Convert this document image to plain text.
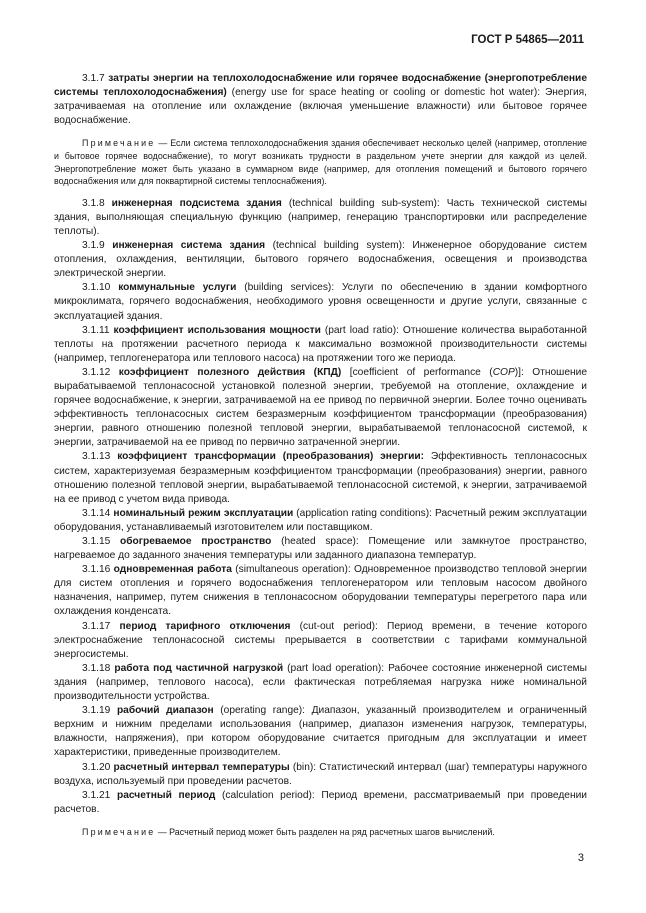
ГОСТ Р 54865—2011

3.1.7 затраты энергии на теплохолодоснабжение или горячее водоснабжение (энергопотребление системы теплохолодоснабжения) (energy use for space heating or cooling or domestic hot water): Энергия, затрачиваемая на отопление или охлаждение (включая уменьшение влажности) или бытовое горячее водоснабжение.

Примечание — Если система теплохолодоснабжения здания обеспечивает несколько целей (например, отопление и бытовое горячее водоснабжение), то могут возникать трудности в раздельном учете энергии для каждой из целей. Энергопотребление может быть указано в суммарном виде (например, для отопления помещений и бытового горячего водоснабжения или для поквартирной системы теплоснабжения).

3.1.8 инженерная подсистема здания (technical building sub-system): Часть технической системы здания, выполняющая специальную функцию (например, генерацию транспортировки или распределение теплоты).

3.1.9 инженерная система здания (technical building system): Инженерное оборудование систем отопления, охлаждения, вентиляции, бытового горячего водоснабжения, освещения и производства электрической энергии.

3.1.10 коммунальные услуги (building services): Услуги по обеспечению в здании комфортного микроклимата, горячего водоснабжения, необходимого уровня освещенности и другие услуги, связанные с эксплуатацией здания.

3.1.11 коэффициент использования мощности (part load ratio): Отношение количества выработанной теплоты на протяжении расчетного периода к максимально возможной производительности системы (например, теплогенератора или теплового насоса) на протяжении того же периода.

3.1.12 коэффициент полезного действия (КПД) [coefficient of performance (COP)]: Отношение вырабатываемой теплонасосной установкой полезной энергии, требуемой на отопление, охлаждение и горячее водоснабжение, к энергии, затрачиваемой на ее привод по первичной энергии. Более точно оценивать эффективность теплонасосных систем безразмерным коэффициентом трансформации (преобразования) энергии, равного отношению полезной тепловой энергии, вырабатываемой теплонасосной системой, к энергии, затрачиваемой на ее привод по первично затраченной энергии.

3.1.13 коэффициент трансформации (преобразования) энергии: Эффективность теплонасосных систем, характеризуемая безразмерным коэффициентом трансформации (преобразования) энергии, равного отношению полезной тепловой энергии, вырабатываемой теплонасосной системой, к энергии, затрачиваемой на ее привод с учетом вида привода.

3.1.14 номинальный режим эксплуатации (application rating conditions): Расчетный режим эксплуатации оборудования, устанавливаемый изготовителем или поставщиком.

3.1.15 обогреваемое пространство (heated space): Помещение или замкнутое пространство, нагреваемое до заданного значения температуры или заданного диапазона температур.

3.1.16 одновременная работа (simultaneous operation): Одновременное производство тепловой энергии для систем отопления и горячего водоснабжения теплогенератором или тепловым насосом двойного назначения, например, путем снижения в теплонасосном оборудовании температуры перегретого пара или охлаждения конденсата.

3.1.17 период тарифного отключения (cut-out period): Период времени, в течение которого электроснабжение теплонасосной системы прерывается в соответствии с тарифами коммунальной энергосистемы.

3.1.18 работа под частичной нагрузкой (part load operation): Рабочее состояние инженерной системы здания (например, теплового насоса), если фактическая потребляемая нагрузка ниже номинальной производительности устройства.

3.1.19 рабочий диапазон (operating range): Диапазон, указанный производителем и ограниченный верхним и нижним пределами использования (например, диапазон изменения нагрузок, температуры, влажности, напряжения), при котором оборудование считается пригодным для эксплуатации и имеет характеристики, приведенные производителем.

3.1.20 расчетный интервал температуры (bin): Статистический интервал (шаг) температуры наружного воздуха, используемый при проведении расчетов.

3.1.21 расчетный период (calculation period): Период времени, рассматриваемый при проведении расчетов.

Примечание — Расчетный период может быть разделен на ряд расчетных шагов вычислений.

3
